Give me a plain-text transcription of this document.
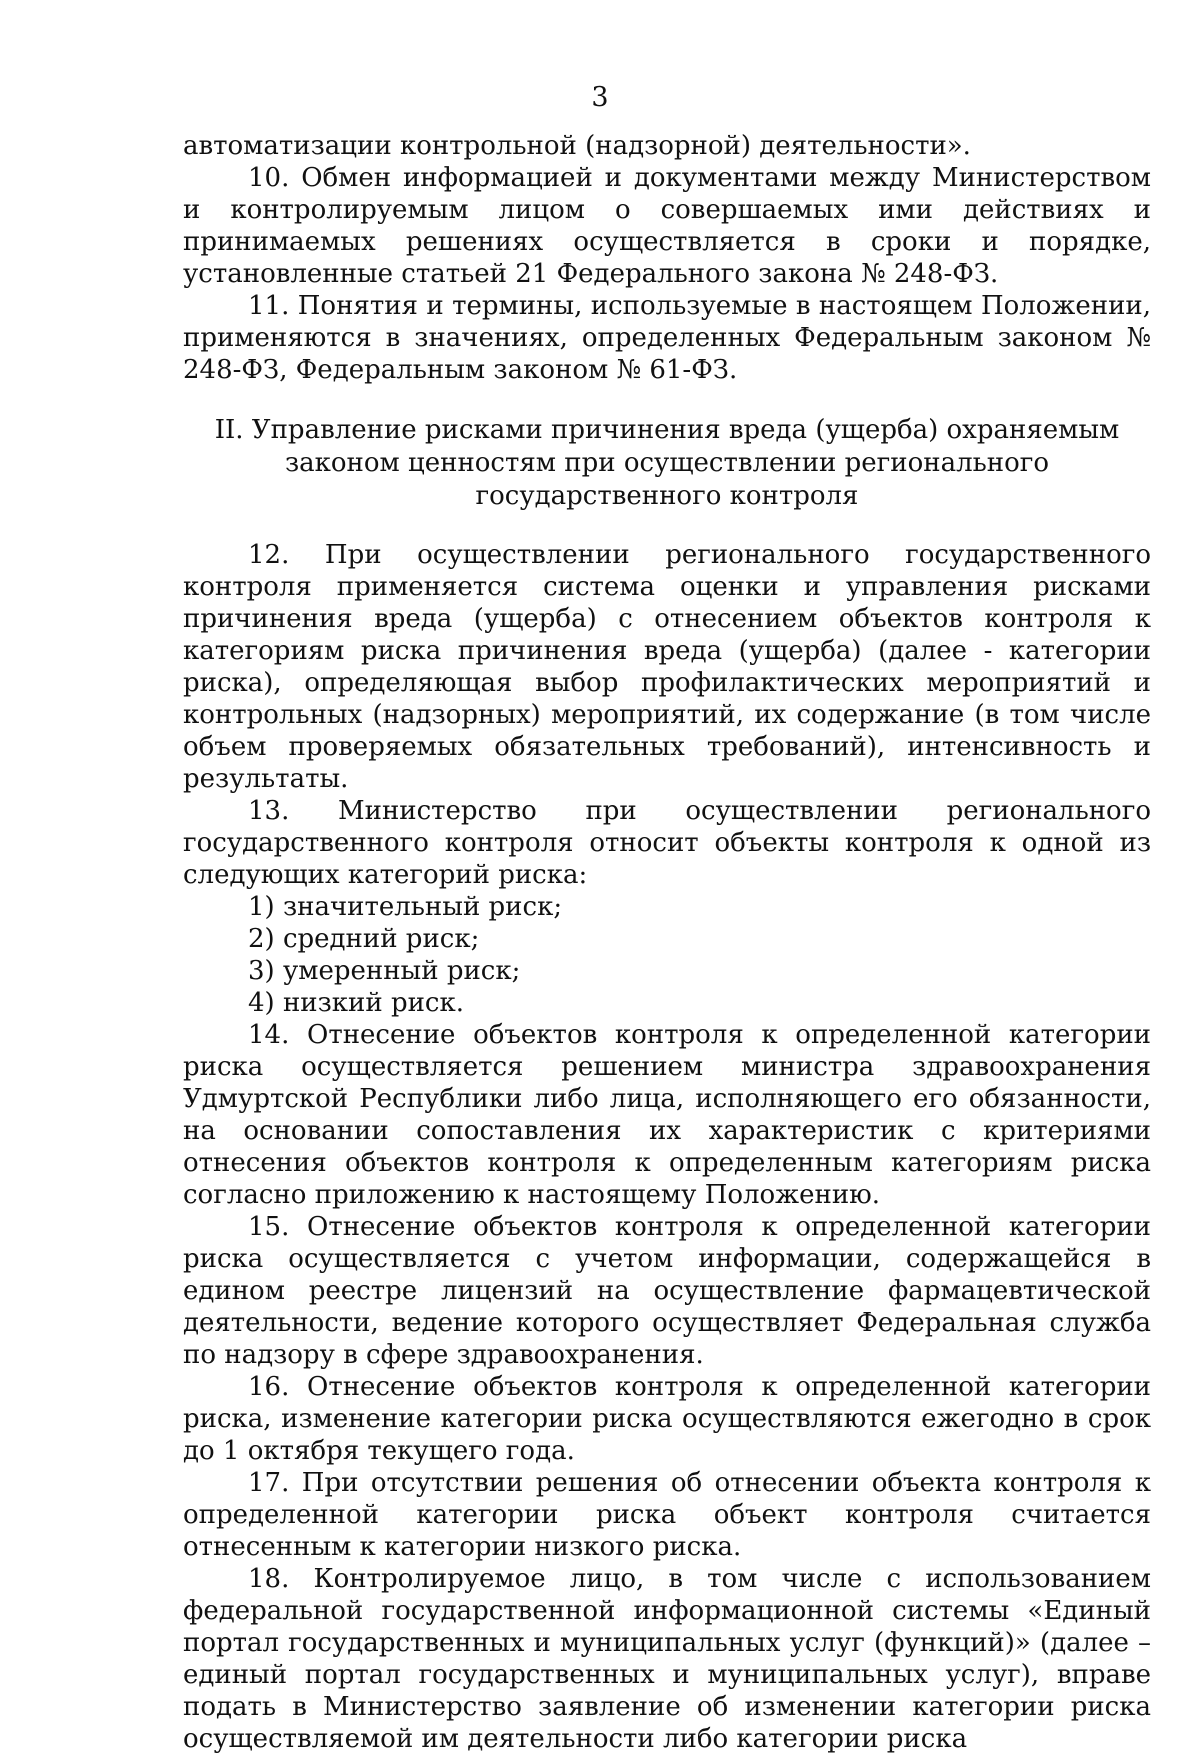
3

автоматизации контрольной (надзорной) деятельности».

10. Обмен информацией и документами между Министерством и контролируемым лицом о совершаемых ими действиях и принимаемых решениях осуществляется в сроки и порядке, установленные статьей 21 Федерального закона № 248-ФЗ.

11. Понятия и термины, используемые в настоящем Положении, применяются в значениях, определенных Федеральным законом № 248-ФЗ, Федеральным законом № 61-ФЗ.

II. Управление рисками причинения вреда (ущерба) охраняемым законом ценностям при осуществлении регионального государственного контроля

12. При осуществлении регионального государственного контроля применяется система оценки и управления рисками причинения вреда (ущерба) с отнесением объектов контроля к категориям риска причинения вреда (ущерба) (далее - категории риска), определяющая выбор профилактических мероприятий и контрольных (надзорных) мероприятий, их содержание (в том числе объем проверяемых обязательных требований), интенсивность и результаты.

13. Министерство при осуществлении регионального государственного контроля относит объекты контроля к одной из следующих категорий риска:

1) значительный риск;

2) средний риск;

3) умеренный риск;

4) низкий риск.

14. Отнесение объектов контроля к определенной категории риска осуществляется решением министра здравоохранения Удмуртской Республики либо лица, исполняющего его обязанности, на основании сопоставления их характеристик с критериями отнесения объектов контроля к определенным категориям риска согласно приложению к настоящему Положению.

15. Отнесение объектов контроля к определенной категории риска осуществляется с учетом информации, содержащейся в едином реестре лицензий на осуществление фармацевтической деятельности, ведение которого осуществляет Федеральная служба по надзору в сфере здравоохранения.

16. Отнесение объектов контроля к определенной категории риска, изменение категории риска осуществляются ежегодно в срок до 1 октября текущего года.

17. При отсутствии решения об отнесении объекта контроля к определенной категории риска объект контроля считается отнесенным к категории низкого риска.

18. Контролируемое лицо, в том числе с использованием федеральной государственной информационной системы «Единый портал государственных и муниципальных услуг (функций)» (далее – единый портал государственных и муниципальных услуг), вправе подать в Министерство заявление об изменении категории риска осуществляемой им деятельности либо категории риска
